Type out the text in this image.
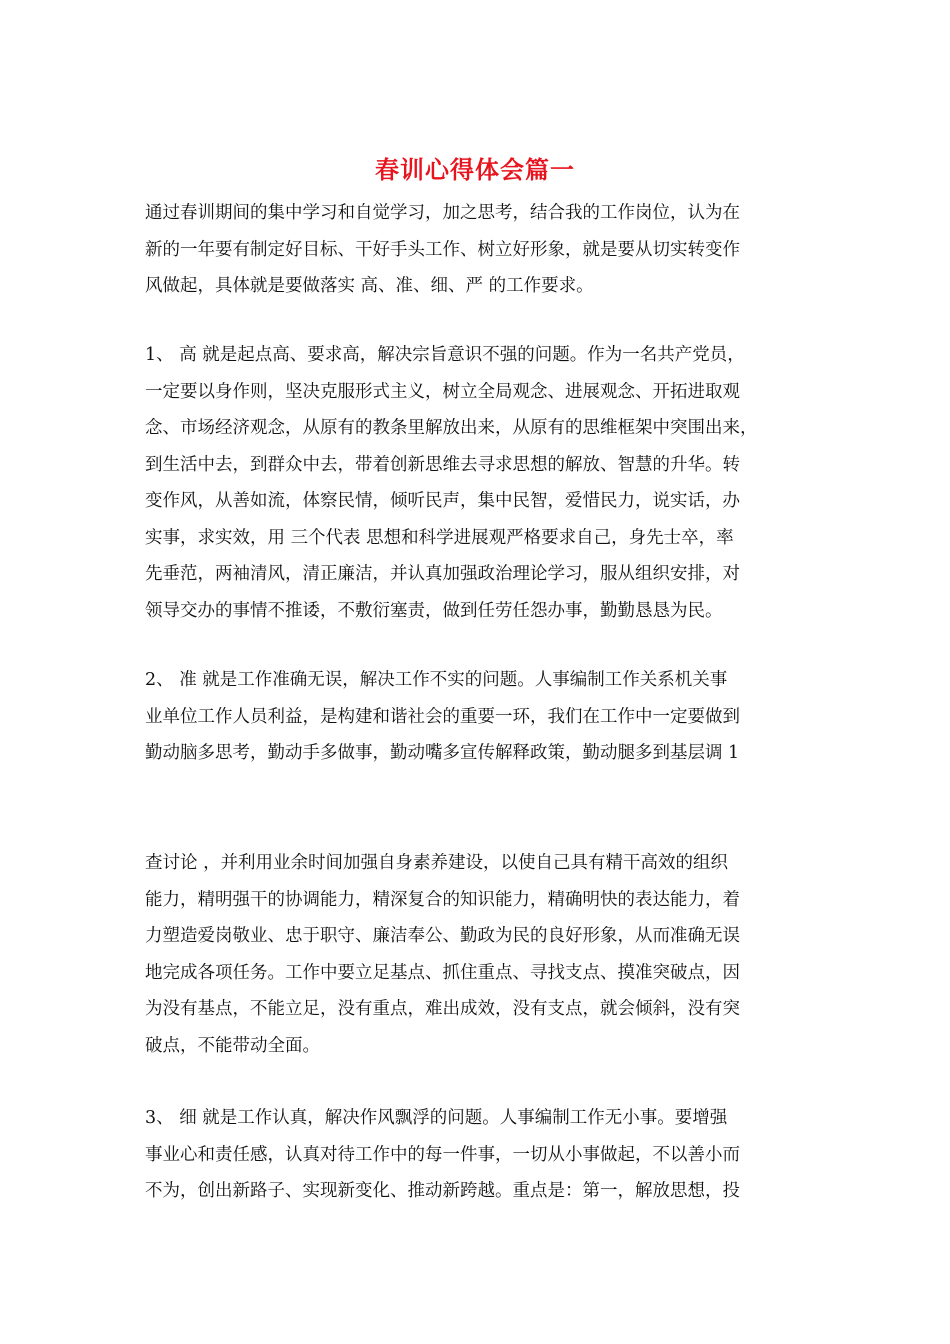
春训心得体会篇一
通过春训期间的集中学习和自觉学习，加之思考，结合我的工作岗位，认为在
新的一年要有制定好目标、干好手头工作、树立好形象，就是要从切实转变作
风做起，具体就是要做落实 高、准、细、严 的工作要求。
1、 高 就是起点高、要求高，解决宗旨意识不强的问题。作为一名共产党员，
一定要以身作则，坚决克服形式主义，树立全局观念、进展观念、开拓进取观
念、市场经济观念，从原有的教条里解放出来，从原有的思维框架中突围出来，
到生活中去，到群众中去，带着创新思维去寻求思想的解放、智慧的升华。转
变作风，从善如流，体察民情，倾听民声，集中民智，爱惜民力，说实话，办
实事，求实效，用 三个代表 思想和科学进展观严格要求自己，身先士卒，率
先垂范，两袖清风，清正廉洁，并认真加强政治理论学习，服从组织安排，对
领导交办的事情不推诿，不敷衍塞责，做到任劳任怨办事，勤勤恳恳为民。
2、 准 就是工作准确无误，解决工作不实的问题。人事编制工作关系机关事
业单位工作人员利益，是构建和谐社会的重要一环，我们在工作中一定要做到
勤动脑多思考，勤动手多做事，勤动嘴多宣传解释政策，勤动腿多到基层调 1
查讨论 ，并利用业余时间加强自身素养建设，以使自己具有精干高效的组织
能力，精明强干的协调能力，精深复合的知识能力，精确明快的表达能力，着
力塑造爱岗敬业、忠于职守、廉洁奉公、勤政为民的良好形象，从而准确无误
地完成各项任务。工作中要立足基点、抓住重点、寻找支点、摸准突破点，因
为没有基点，不能立足，没有重点，难出成效，没有支点，就会倾斜，没有突
破点，不能带动全面。
3、 细 就是工作认真，解决作风飘浮的问题。人事编制工作无小事。要增强
事业心和责任感，认真对待工作中的每一件事，一切从小事做起，不以善小而
不为，创出新路子、实现新变化、推动新跨越。重点是：第一，解放思想，投
